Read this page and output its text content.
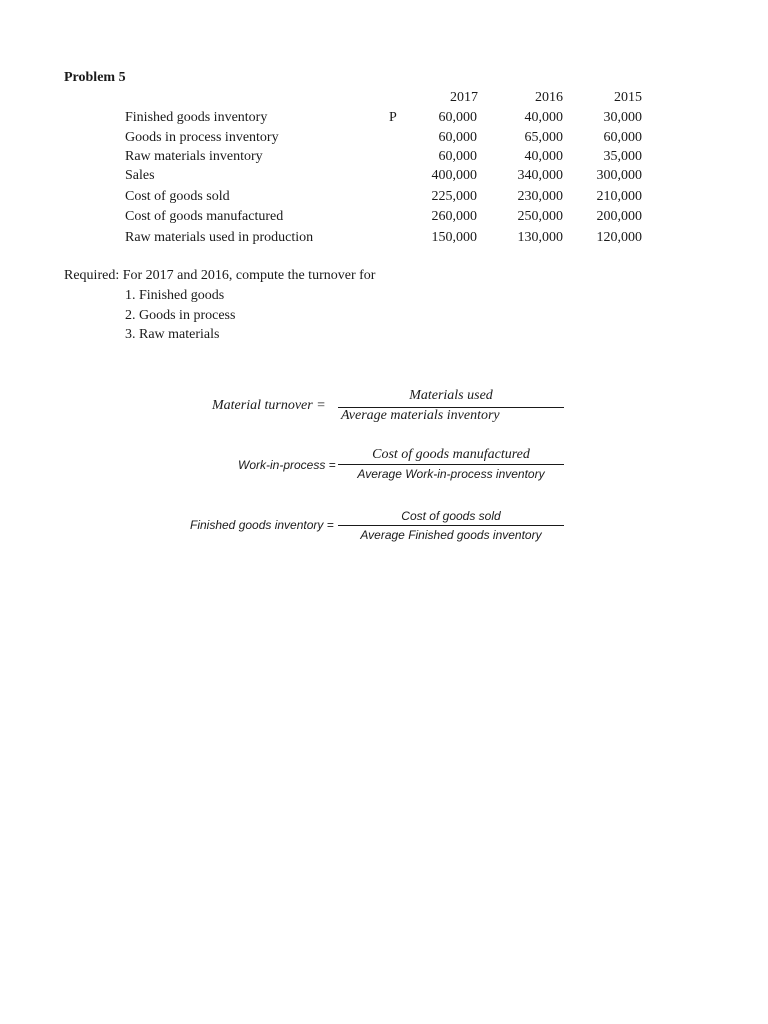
Problem 5
2017	2016	2015
Finished goods inventory	P	60,000	40,000	30,000
Goods in process inventory	60,000	65,000	60,000
Raw materials inventory	60,000	40,000	35,000
Sales	400,000	340,000	300,000
Cost of goods sold	225,000	230,000	210,000
Cost of goods manufactured	260,000	250,000	200,000
Raw materials used in production	150,000	130,000	120,000
Required: For 2017 and 2016, compute the turnover for
1. Finished goods
2. Goods in process
3. Raw materials
Material turnover =
Materials used
Average materials inventory
Work-in-process =
Cost of goods manufactured
Average Work-in-process inventory
Finished goods inventory =
Cost of goods sold
Average Finished goods inventory
